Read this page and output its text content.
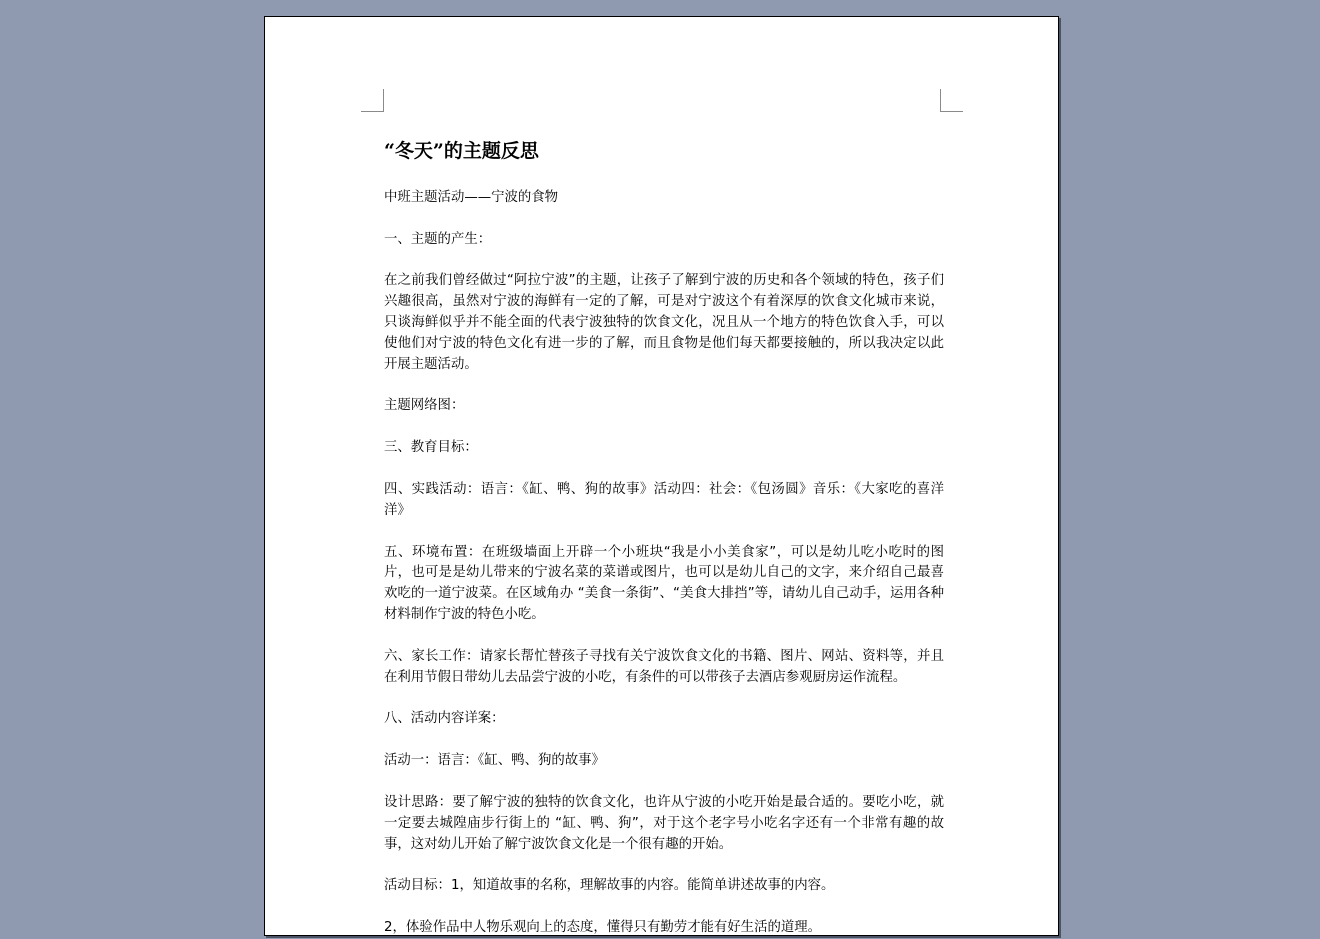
“冬天”的主题反思

中班主题活动——宁波的食物

一、主题的产生：

在之前我们曾经做过“阿拉宁波”的主题，让孩子了解到宁波的历史和各个领域的特色，孩子们兴趣很高，虽然对宁波的海鲜有一定的了解，可是对宁波这个有着深厚的饮食文化城市来说，只谈海鲜似乎并不能全面的代表宁波独特的饮食文化，况且从一个地方的特色饮食入手，可以使他们对宁波的特色文化有进一步的了解，而且食物是他们每天都要接触的，所以我决定以此开展主题活动。

主题网络图：

三、教育目标：

四、实践活动：语言：《缸、鸭、狗的故事》活动四：社会：《包汤圆》音乐：《大家吃的喜洋洋》

五、环境布置：在班级墙面上开辟一个小班块“我是小小美食家”，可以是幼儿吃小吃时的图片，也可是是幼儿带来的宁波名菜的菜谱或图片，也可以是幼儿自己的文字，来介绍自己最喜欢吃的一道宁波菜。在区域角办 “美食一条街”、“美食大排挡”等，请幼儿自己动手，运用各种材料制作宁波的特色小吃。

六、家长工作：请家长帮忙替孩子寻找有关宁波饮食文化的书籍、图片、网站、资料等，并且在利用节假日带幼儿去品尝宁波的小吃，有条件的可以带孩子去酒店参观厨房运作流程。

八、活动内容详案：

活动一：语言：《缸、鸭、狗的故事》

设计思路：要了解宁波的独特的饮食文化，也许从宁波的小吃开始是最合适的。要吃小吃，就一定要去城隍庙步行街上的 “缸、鸭、狗”，对于这个老字号小吃名字还有一个非常有趣的故事，这对幼儿开始了解宁波饮食文化是一个很有趣的开始。

活动目标：1，知道故事的名称，理解故事的内容。能简单讲述故事的内容。

2，体验作品中人物乐观向上的态度，懂得只有勤劳才能有好生活的道理。
